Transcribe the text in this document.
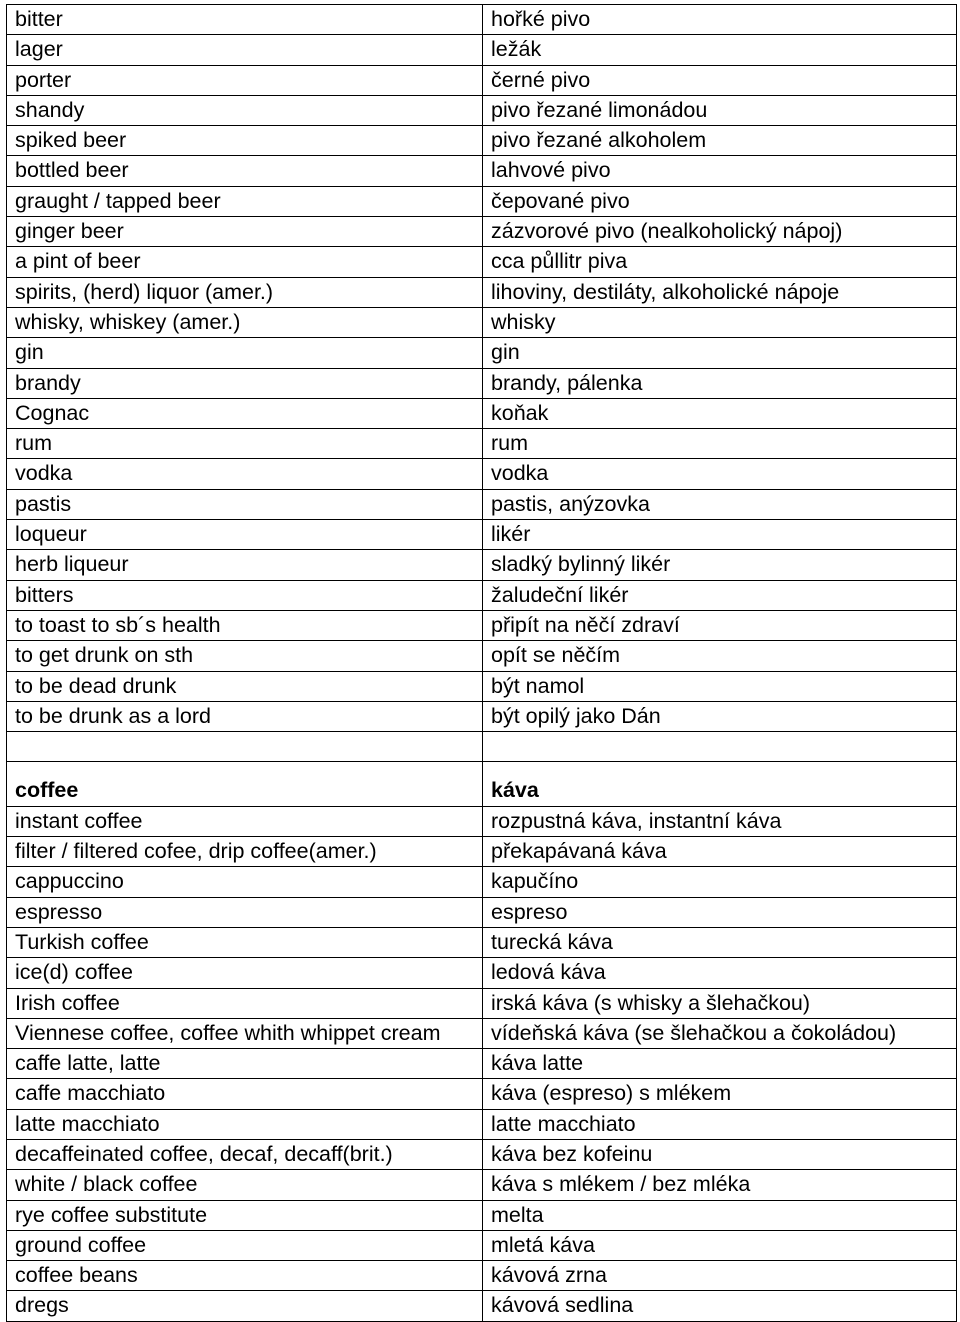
bitter	hořké pivo
lager	ležák
porter	černé pivo
shandy	pivo řezané limonádou
spiked beer	pivo řezané alkoholem
bottled beer	lahvové pivo
graught / tapped beer	čepované pivo
ginger beer	zázvorové pivo (nealkoholický nápoj)
a pint of beer	cca půllitr piva
spirits, (herd) liquor (amer.)	lihoviny, destiláty, alkoholické nápoje
whisky, whiskey (amer.)	whisky
gin	gin
brandy	brandy, pálenka
Cognac	koňak
rum	rum
vodka	vodka
pastis	pastis, anýzovka
loqueur	likér
herb liqueur	sladký bylinný likér
bitters	žaludeční likér
to toast to sb´s health	připít na něčí zdraví
to get drunk on sth	opít se něčím
to be dead drunk	být namol
to be drunk as a lord	být opilý jako Dán

coffee	káva
instant coffee	rozpustná káva, instantní káva
filter / filtered cofee, drip coffee(amer.)	překapávaná káva
cappuccino	kapučíno
espresso	espreso
Turkish coffee	turecká káva
ice(d) coffee	ledová káva
Irish coffee	irská káva (s whisky a šlehačkou)
Viennese coffee, coffee whith whippet cream	vídeňská káva (se šlehačkou a čokoládou)
caffe latte, latte	káva latte
caffe macchiato	káva (espreso) s mlékem
latte macchiato	latte macchiato
decaffeinated coffee, decaf, decaff(brit.)	káva bez kofeinu
white / black coffee	káva s mlékem / bez mléka
rye coffee substitute	melta
ground coffee	mletá káva
coffee beans	kávová zrna
dregs	kávová sedlina
